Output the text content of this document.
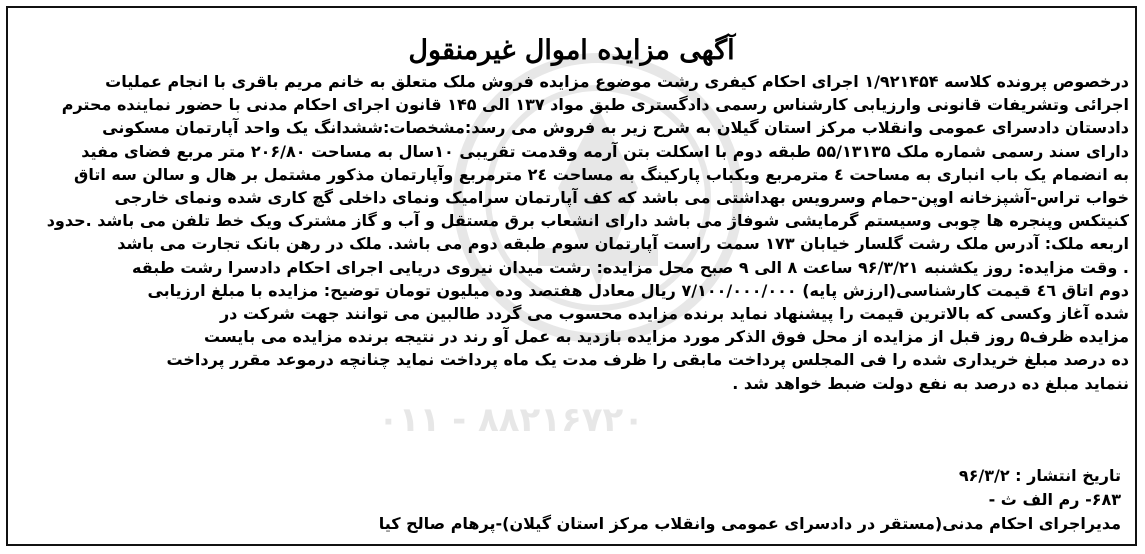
۰۱۱ - ۸۸۲۱۶۷۲۰
آگهی مزایده اموال غیرمنقول
درخصوص پرونده کلاسه ۱/۹۲۱۴۵۴ اجرای احکام کیفری رشت موضوع مزایده فروش ملک متعلق به خانم مریم باقری با انجام عملیات
اجرائی وتشریفات قانونی وارزیابی کارشناس رسمی دادگستری طبق مواد ۱۳۷ الی ۱۴۵ قانون اجرای احکام مدنی با حضور نماینده محترم
دادستان دادسرای عمومی وانقلاب مرکز استان گیلان به شرح زیر به فروش می رسد:مشخصات:ششدانگ یک واحد آپارتمان مسکونی
دارای سند رسمی شماره ملک ۵۵/۱۳۱۳۵ طبقه دوم با اسکلت بتن آرمه وقدمت تقریبی ۱۰سال به مساحت ۲۰۶/۸۰ متر مربع فضای مفید
به انضمام یک باب انباری به مساحت ٤ مترمربع ویکباب پارکینگ به مساحت ۲٤ مترمربع وآپارتمان مذکور مشتمل بر هال و سالن سه اتاق
خواب تراس-آشپزخانه اوپن-حمام وسرویس بهداشتی می باشد که کف آپارتمان سرامیک ونمای داخلی گچ کاری شده ونمای خارجی
کنیتکس وپنجره ها چوبی وسیستم گرمایشی شوفاژ می باشد دارای انشعاب برق مستقل و آب و گاز مشترک ویک خط تلفن می باشد .حدود
اربعه ملک: آدرس ملک رشت گلسار خیابان ۱۷۳ سمت راست آپارتمان سوم طبقه دوم می باشد. ملک در رهن بانک تجارت می باشد
. وقت مزایده: روز یکشنبه ۹۶/۳/۲۱ ساعت ۸ الی ۹ صبح محل مزایده: رشت میدان نیروی دریایی اجرای احکام دادسرا رشت طبقه
دوم اتاق ٤٦ قیمت کارشناسی(ارزش پایه) ۷/۱۰۰/۰۰۰/۰۰۰ ریال معادل هفتصد وده میلیون تومان توضیح: مزایده با مبلغ ارزیابی
شده آغاز وکسی که بالاترین قیمت را پیشنهاد نماید برنده مزایده محسوب می گردد طالبین می توانند جهت شرکت در
مزایده ظرف۵ روز قبل از مزایده از محل فوق الذکر مورد مزایده بازدید به عمل آو رند در نتیجه برنده مزایده می بایست
ده درصد مبلغ خریداری شده را فی المجلس پرداخت مابقی را ظرف مدت یک ماه پرداخت نماید چنانچه درموعد مقرر پرداخت
ننماید مبلغ ده درصد به نفع دولت ضبط خواهد شد .
تاریخ انتشار : ۹۶/۳/۲
۶۸۳- رم الف ث -
مدیراجرای احکام مدنی(مستقر در دادسرای عمومی وانقلاب مرکز استان گیلان)-پرهام صالح کیا
